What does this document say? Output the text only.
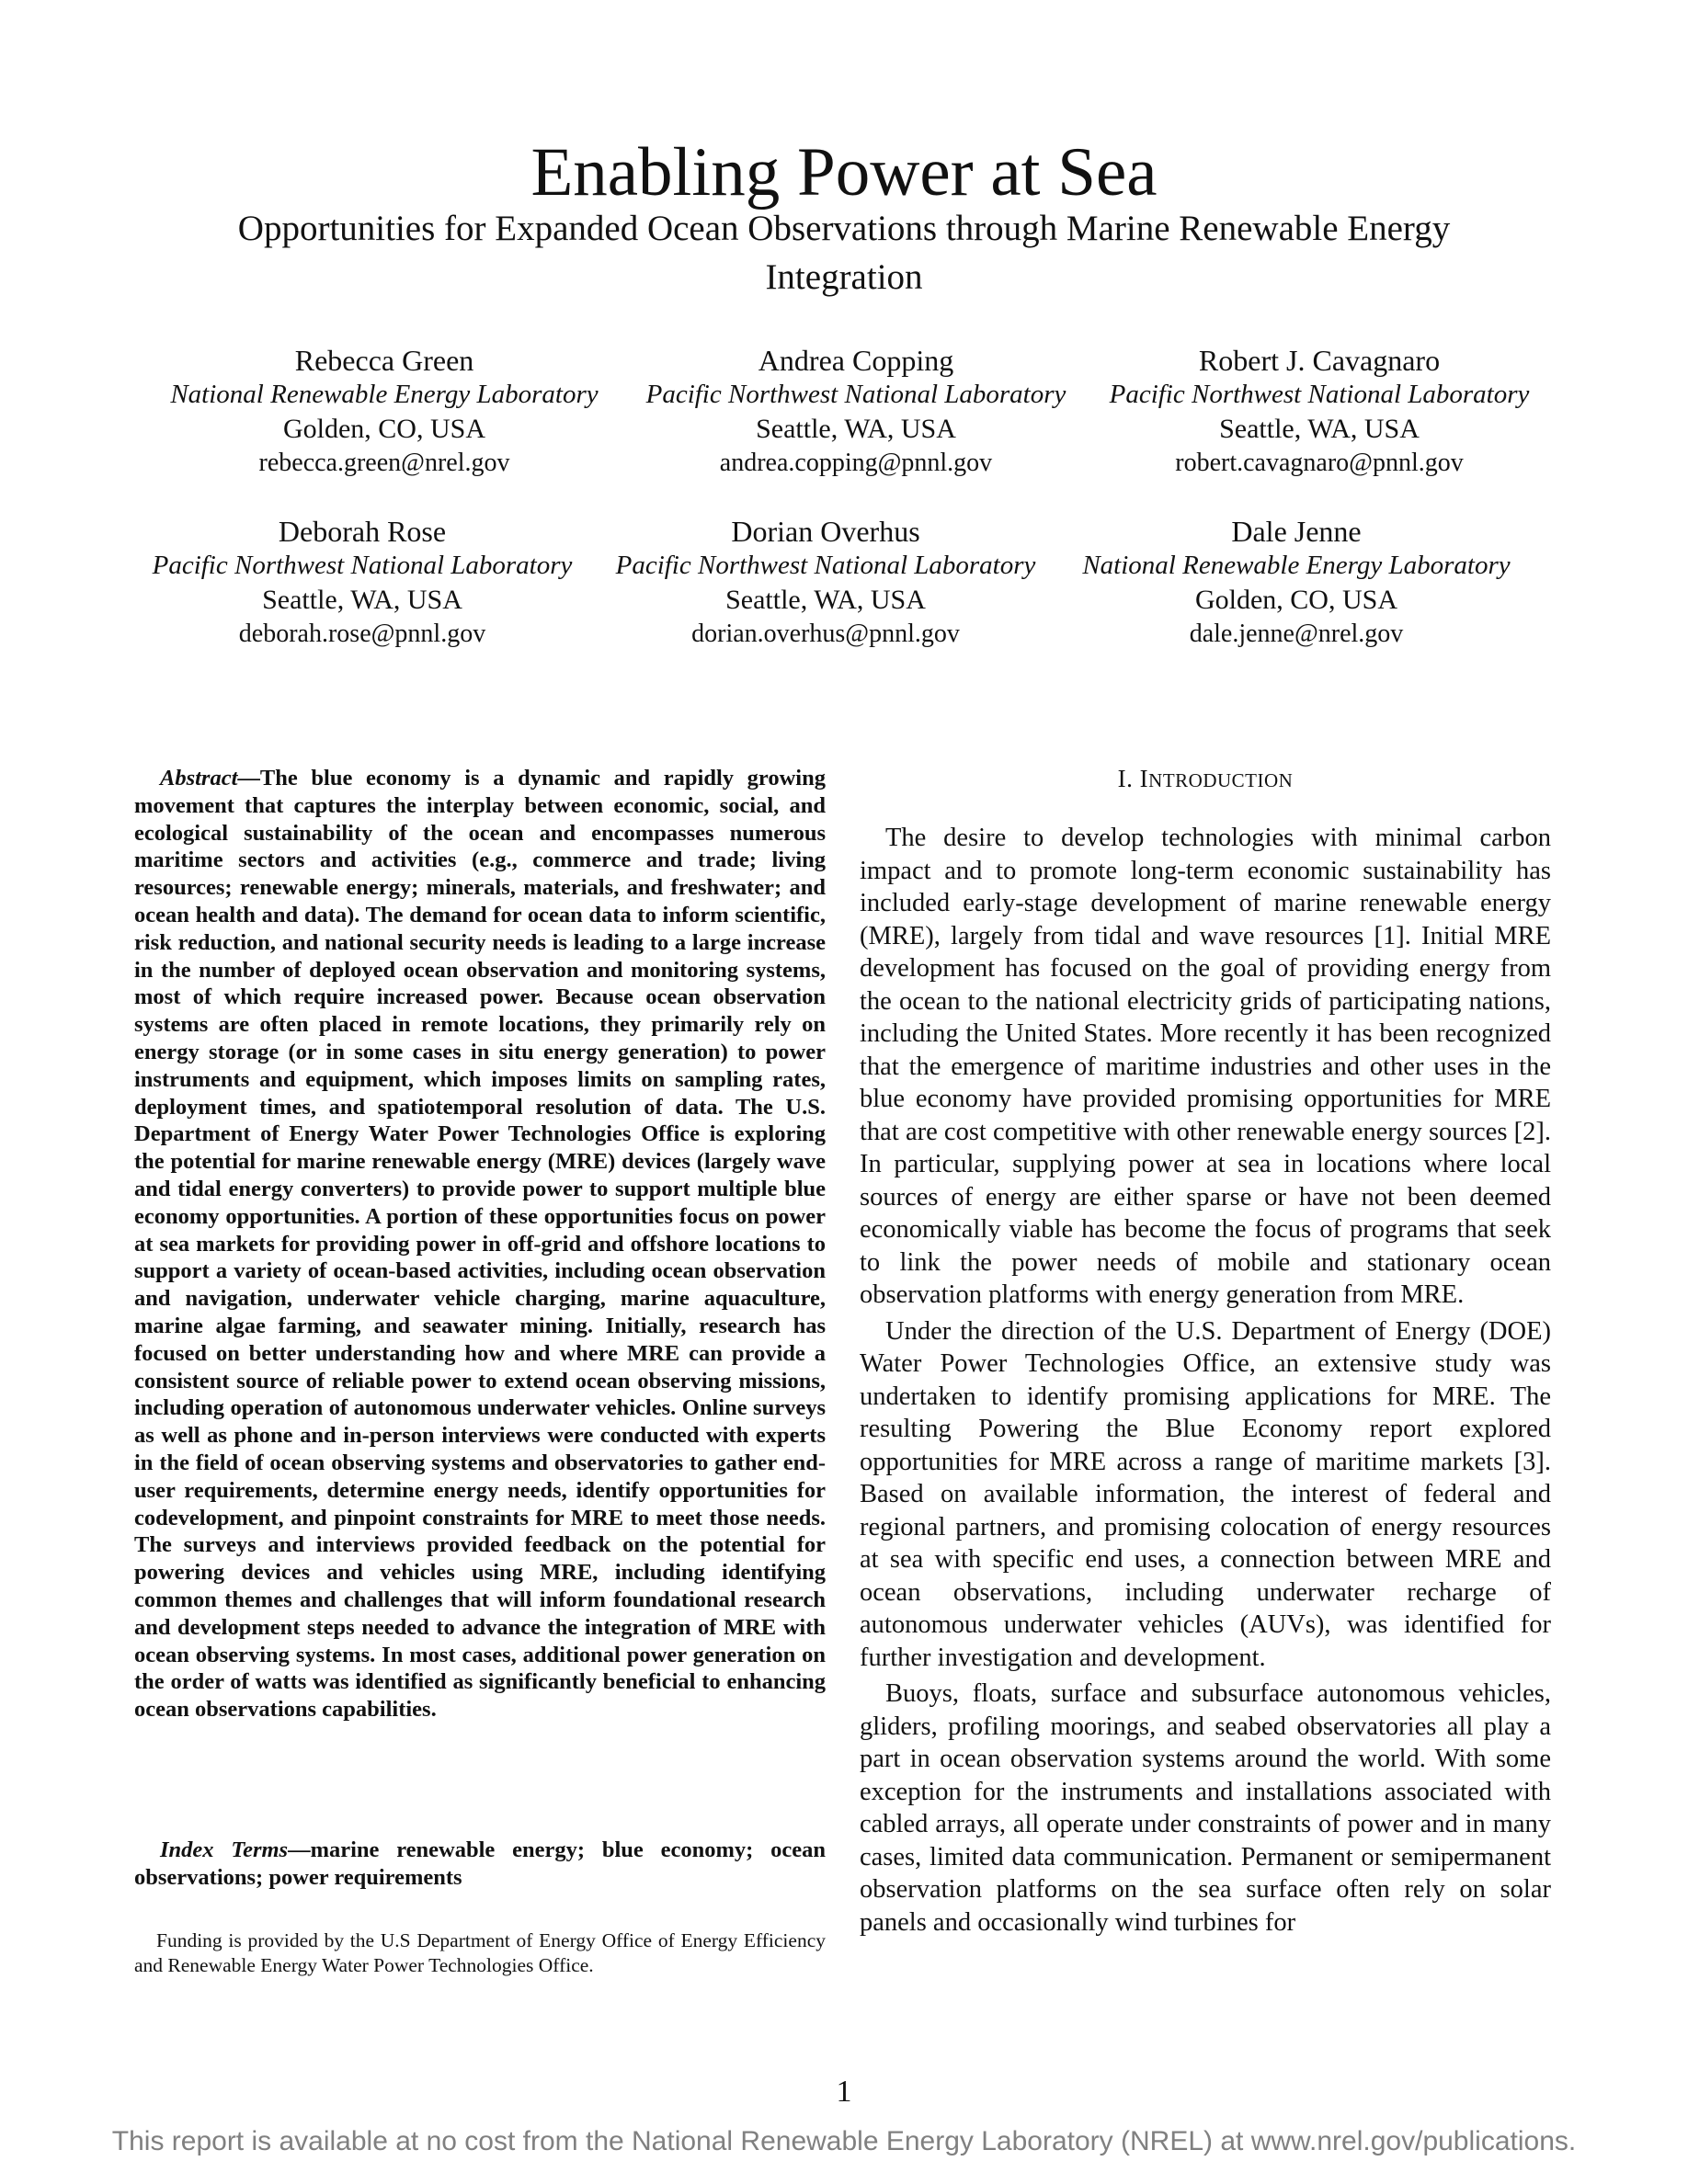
Enabling Power at Sea
Opportunities for Expanded Ocean Observations through Marine Renewable Energy Integration
Rebecca Green
National Renewable Energy Laboratory
Golden, CO, USA
rebecca.green@nrel.gov
Andrea Copping
Pacific Northwest National Laboratory
Seattle, WA, USA
andrea.copping@pnnl.gov
Robert J. Cavagnaro
Pacific Northwest National Laboratory
Seattle, WA, USA
robert.cavagnaro@pnnl.gov
Deborah Rose
Pacific Northwest National Laboratory
Seattle, WA, USA
deborah.rose@pnnl.gov
Dorian Overhus
Pacific Northwest National Laboratory
Seattle, WA, USA
dorian.overhus@pnnl.gov
Dale Jenne
National Renewable Energy Laboratory
Golden, CO, USA
dale.jenne@nrel.gov

Abstract—The blue economy is a dynamic and rapidly growing movement that captures the interplay between economic, social, and ecological sustainability of the ocean and encompasses numerous maritime sectors and activities (e.g., commerce and trade; living resources; renewable energy; minerals, materials, and freshwater; and ocean health and data). The demand for ocean data to inform scientific, risk reduction, and national security needs is leading to a large increase in the number of deployed ocean observation and monitoring systems, most of which require increased power. Because ocean observation systems are often placed in remote locations, they primarily rely on energy storage (or in some cases in situ energy generation) to power instruments and equipment, which imposes limits on sampling rates, deployment times, and spatiotemporal resolution of data. The U.S. Department of Energy Water Power Technologies Office is exploring the potential for marine renewable energy (MRE) devices (largely wave and tidal energy converters) to provide power to support multiple blue economy opportunities. A portion of these opportunities focus on power at sea markets for providing power in off-grid and offshore locations to support a variety of ocean-based activities, including ocean observation and navigation, underwater vehicle charging, marine aquaculture, marine algae farming, and seawater mining. Initially, research has focused on better understanding how and where MRE can provide a consistent source of reliable power to extend ocean observing missions, including operation of autonomous underwater vehicles. Online surveys as well as phone and in-person interviews were conducted with experts in the field of ocean observing systems and observatories to gather end-user requirements, determine energy needs, identify opportunities for codevelopment, and pinpoint constraints for MRE to meet those needs. The surveys and interviews provided feedback on the potential for powering devices and vehicles using MRE, including identifying common themes and challenges that will inform foundational research and development steps needed to advance the integration of MRE with ocean observing systems. In most cases, additional power generation on the order of watts was identified as significantly beneficial to enhancing ocean observations capabilities.

Index Terms—marine renewable energy; blue economy; ocean observations; power requirements

Funding is provided by the U.S Department of Energy Office of Energy Efficiency and Renewable Energy Water Power Technologies Office.

I. INTRODUCTION

The desire to develop technologies with minimal carbon impact and to promote long-term economic sustainability has included early-stage development of marine renewable energy (MRE), largely from tidal and wave resources [1]. Initial MRE development has focused on the goal of providing energy from the ocean to the national electricity grids of participating nations, including the United States. More recently it has been recognized that the emergence of maritime industries and other uses in the blue economy have provided promising opportunities for MRE that are cost competitive with other renewable energy sources [2]. In particular, supplying power at sea in locations where local sources of energy are either sparse or have not been deemed economically viable has become the focus of programs that seek to link the power needs of mobile and stationary ocean observation platforms with energy generation from MRE.

Under the direction of the U.S. Department of Energy (DOE) Water Power Technologies Office, an extensive study was undertaken to identify promising applications for MRE. The resulting Powering the Blue Economy report explored opportunities for MRE across a range of maritime markets [3]. Based on available information, the interest of federal and regional partners, and promising colocation of energy resources at sea with specific end uses, a connection between MRE and ocean observations, including underwater recharge of autonomous underwater vehicles (AUVs), was identified for further investigation and development.

Buoys, floats, surface and subsurface autonomous vehicles, gliders, profiling moorings, and seabed observatories all play a part in ocean observation systems around the world. With some exception for the instruments and installations associated with cabled arrays, all operate under constraints of power and in many cases, limited data communication. Permanent or semipermanent observation platforms on the sea surface often rely on solar panels and occasionally wind turbines for

1
This report is available at no cost from the National Renewable Energy Laboratory (NREL) at www.nrel.gov/publications.
